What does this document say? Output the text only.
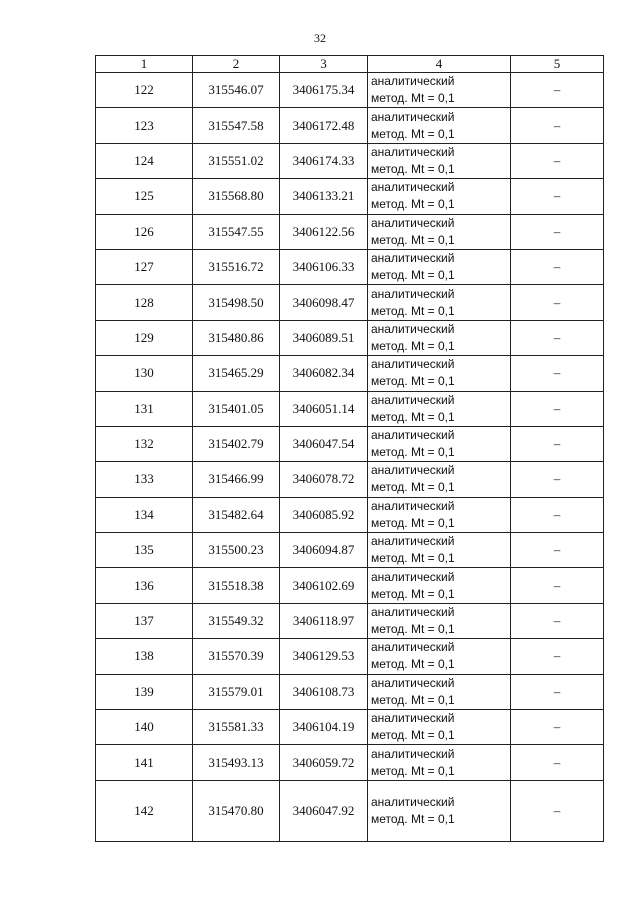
32
1	2	3	4	5
122	315546.07	3406175.34	аналитический
метод. Mt = 0,1	–
123	315547.58	3406172.48	аналитический
метод. Mt = 0,1	–
124	315551.02	3406174.33	аналитический
метод. Mt = 0,1	–
125	315568.80	3406133.21	аналитический
метод. Mt = 0,1	–
126	315547.55	3406122.56	аналитический
метод. Mt = 0,1	–
127	315516.72	3406106.33	аналитический
метод. Mt = 0,1	–
128	315498.50	3406098.47	аналитический
метод. Mt = 0,1	–
129	315480.86	3406089.51	аналитический
метод. Mt = 0,1	–
130	315465.29	3406082.34	аналитический
метод. Mt = 0,1	–
131	315401.05	3406051.14	аналитический
метод. Mt = 0,1	–
132	315402.79	3406047.54	аналитический
метод. Mt = 0,1	–
133	315466.99	3406078.72	аналитический
метод. Mt = 0,1	–
134	315482.64	3406085.92	аналитический
метод. Mt = 0,1	–
135	315500.23	3406094.87	аналитический
метод. Mt = 0,1	–
136	315518.38	3406102.69	аналитический
метод. Mt = 0,1	–
137	315549.32	3406118.97	аналитический
метод. Mt = 0,1	–
138	315570.39	3406129.53	аналитический
метод. Mt = 0,1	–
139	315579.01	3406108.73	аналитический
метод. Mt = 0,1	–
140	315581.33	3406104.19	аналитический
метод. Mt = 0,1	–
141	315493.13	3406059.72	аналитический
метод. Mt = 0,1	–
142	315470.80	3406047.92	аналитический
метод. Mt = 0,1	–
